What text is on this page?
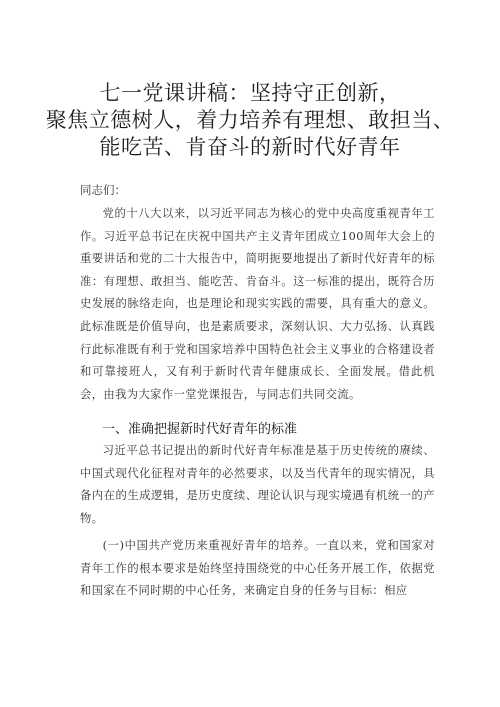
七一党课讲稿：坚持守正创新，
聚焦立德树人，着力培养有理想、敢担当、
能吃苦、肯奋斗的新时代好青年
同志们：
党的十八大以来，以习近平同志为核心的党中央高度重视青年工作。习近平总书记在庆祝中国共产主义青年团成立100周年大会上的重要讲话和党的二十大报告中，简明扼要地提出了新时代好青年的标准：有理想、敢担当、能吃苦、肯奋斗。这一标准的提出，既符合历史发展的脉络走向，也是理论和现实实践的需要，具有重大的意义。此标准既是价值导向，也是素质要求，深刻认识、大力弘扬、认真践行此标准既有利于党和国家培养中国特色社会主义事业的合格建设者和可靠接班人，又有利于新时代青年健康成长、全面发展。借此机会，由我为大家作一堂党课报告，与同志们共同交流。
一、准确把握新时代好青年的标准
习近平总书记提出的新时代好青年标准是基于历史传统的赓续、中国式现代化征程对青年的必然要求，以及当代青年的现实情况，具备内在的生成逻辑，是历史度续、理论认识与现实境遇有机统一的产物。
(一)中国共产党历来重视好青年的培养。一直以来，党和国家对青年工作的根本要求是始终坚持围绕党的中心任务开展工作，依据党和国家在不同时期的中心任务，来确定自身的任务与目标：相应
